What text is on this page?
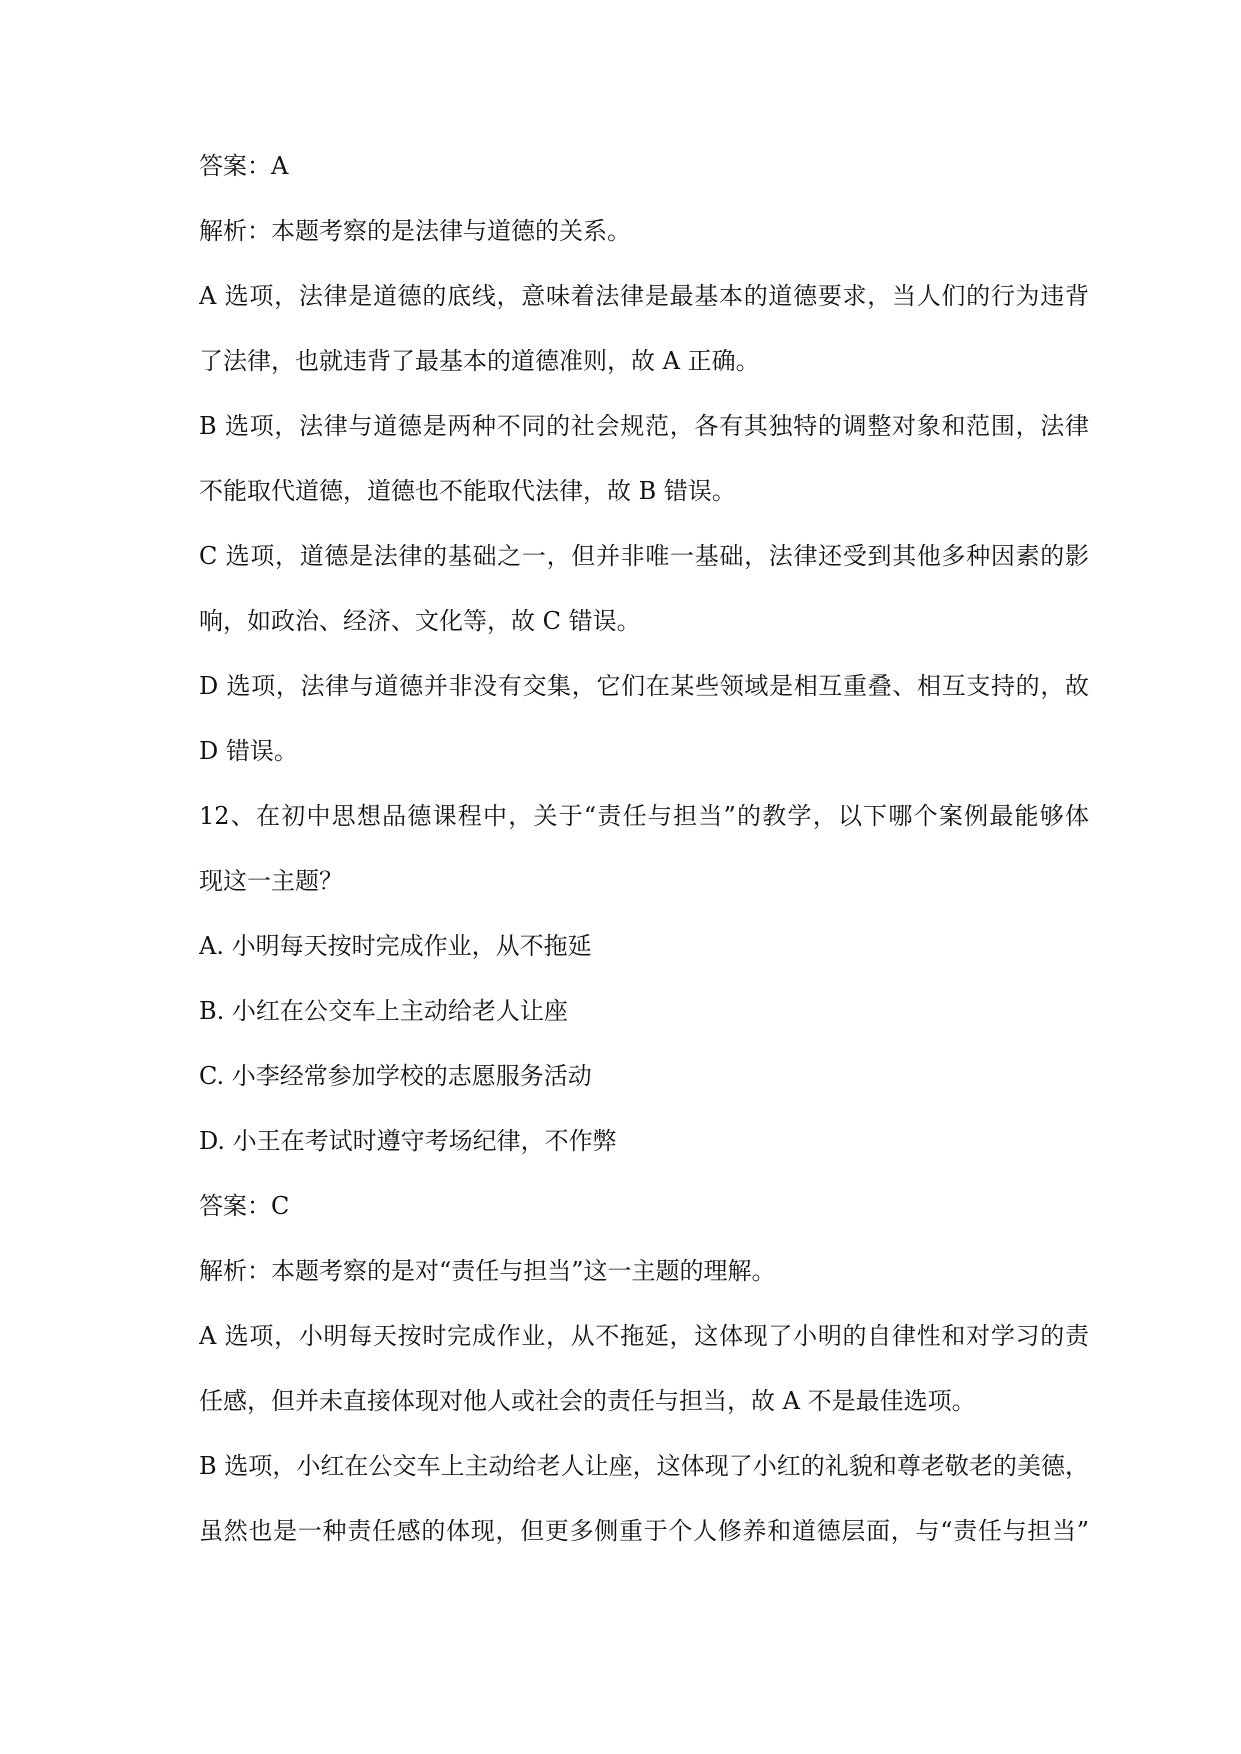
答案：A
解析：本题考察的是法律与道德的关系。
A 选项，法律是道德的底线，意味着法律是最基本的道德要求，当人们的行为违背
了法律，也就违背了最基本的道德准则，故 A 正确。
B 选项，法律与道德是两种不同的社会规范，各有其独特的调整对象和范围，法律
不能取代道德，道德也不能取代法律，故 B 错误。
C 选项，道德是法律的基础之一，但并非唯一基础，法律还受到其他多种因素的影
响，如政治、经济、文化等，故 C 错误。
D 选项，法律与道德并非没有交集，它们在某些领域是相互重叠、相互支持的，故
D 错误。
12、在初中思想品德课程中，关于“责任与担当”的教学，以下哪个案例最能够体
现这一主题？
A. 小明每天按时完成作业，从不拖延
B. 小红在公交车上主动给老人让座
C. 小李经常参加学校的志愿服务活动
D. 小王在考试时遵守考场纪律，不作弊
答案：C
解析：本题考察的是对“责任与担当”这一主题的理解。
A 选项，小明每天按时完成作业，从不拖延，这体现了小明的自律性和对学习的责
任感，但并未直接体现对他人或社会的责任与担当，故 A 不是最佳选项。
B 选项，小红在公交车上主动给老人让座，这体现了小红的礼貌和尊老敬老的美德，
虽然也是一种责任感的体现，但更多侧重于个人修养和道德层面，与“责任与担当”
